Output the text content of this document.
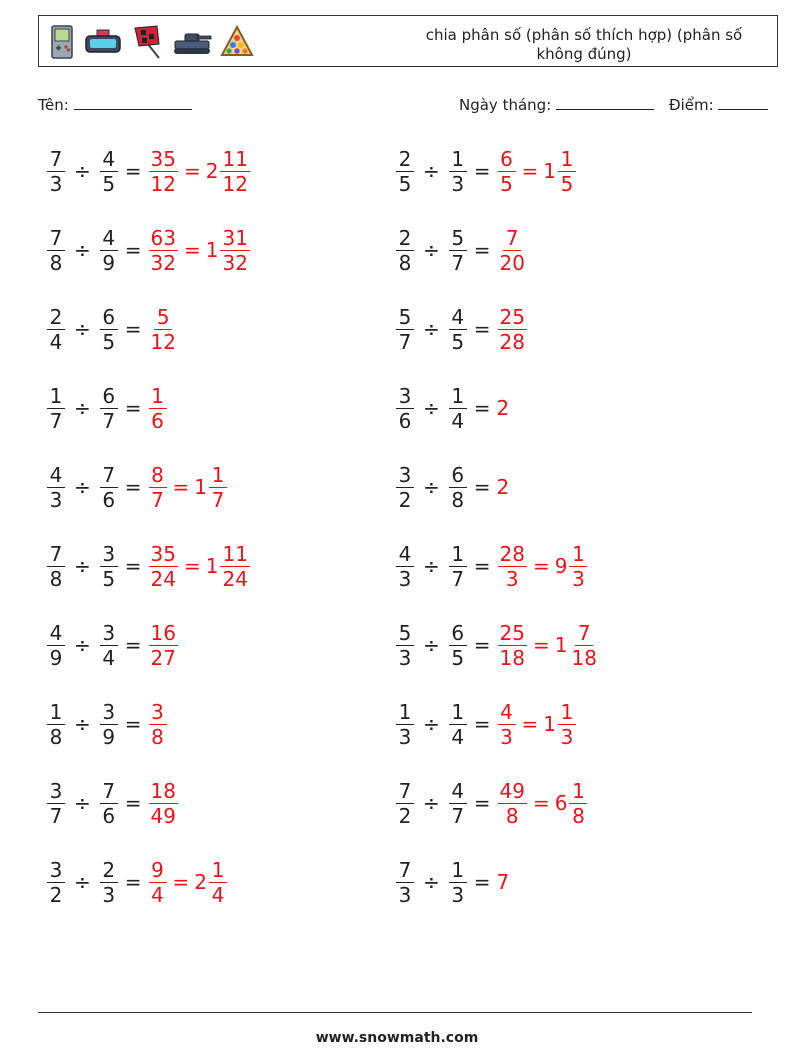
chia phân số (phân số thích hợp) (phân số không đúng)
Tên:	Ngày tháng:	Điểm:
$\frac{7}{3} \div \frac{4}{5} = \frac{35}{12} = 2 \frac{11}{12}$
$\frac{7}{8} \div \frac{4}{9} = \frac{63}{32} = 1 \frac{31}{32}$
$\frac{2}{4} \div \frac{6}{5} = \frac{5}{12}$
$\frac{1}{7} \div \frac{6}{7} = \frac{1}{6}$
$\frac{4}{3} \div \frac{7}{6} = \frac{8}{7} = 1 \frac{1}{7}$
$\frac{7}{8} \div \frac{3}{5} = \frac{35}{24} = 1 \frac{11}{24}$
$\frac{4}{9} \div \frac{3}{4} = \frac{16}{27}$
$\frac{1}{8} \div \frac{3}{9} = \frac{3}{8}$
$\frac{3}{7} \div \frac{7}{6} = \frac{18}{49}$
$\frac{3}{2} \div \frac{2}{3} = \frac{9}{4} = 2 \frac{1}{4}$
$\frac{2}{5} \div \frac{1}{3} = \frac{6}{5} = 1 \frac{1}{5}$
$\frac{2}{8} \div \frac{5}{7} = \frac{7}{20}$
$\frac{5}{7} \div \frac{4}{5} = \frac{25}{28}$
$\frac{3}{6} \div \frac{1}{4} = 2$
$\frac{3}{2} \div \frac{6}{8} = 2$
$\frac{4}{3} \div \frac{1}{7} = \frac{28}{3} = 9 \frac{1}{3}$
$\frac{5}{3} \div \frac{6}{5} = \frac{25}{18} = 1 \frac{7}{18}$
$\frac{1}{3} \div \frac{1}{4} = \frac{4}{3} = 1 \frac{1}{3}$
$\frac{7}{2} \div \frac{4}{7} = \frac{49}{8} = 6 \frac{1}{8}$
$\frac{7}{3} \div \frac{1}{3} = 7$
www.snowmath.com
